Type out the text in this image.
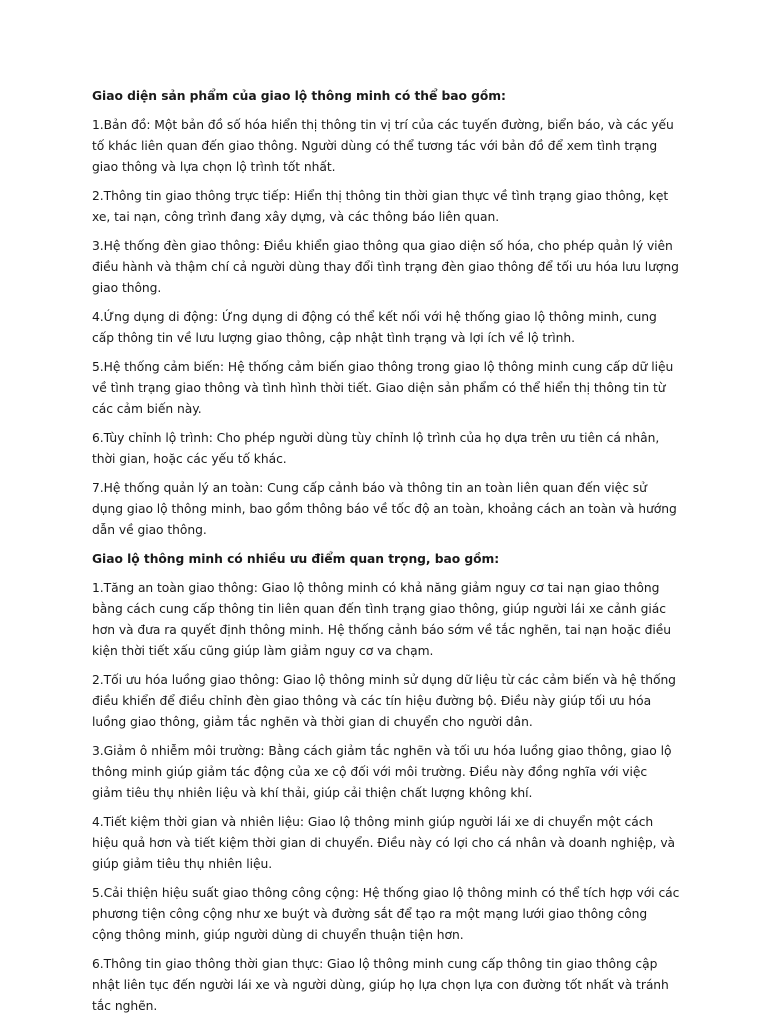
Giao diện sản phẩm của giao lộ thông minh có thể bao gồm:

1.Bản đồ: Một bản đồ số hóa hiển thị thông tin vị trí của các tuyến đường, biển báo, và các yếu tố khác liên quan đến giao thông. Người dùng có thể tương tác với bản đồ để xem tình trạng giao thông và lựa chọn lộ trình tốt nhất.

2.Thông tin giao thông trực tiếp: Hiển thị thông tin thời gian thực về tình trạng giao thông, kẹt xe, tai nạn, công trình đang xây dựng, và các thông báo liên quan.

3.Hệ thống đèn giao thông: Điều khiển giao thông qua giao diện số hóa, cho phép quản lý viên điều hành và thậm chí cả người dùng thay đổi tình trạng đèn giao thông để tối ưu hóa lưu lượng giao thông.

4.Ứng dụng di động: Ứng dụng di động có thể kết nối với hệ thống giao lộ thông minh, cung cấp thông tin về lưu lượng giao thông, cập nhật tình trạng và lợi ích về lộ trình.

5.Hệ thống cảm biến: Hệ thống cảm biến giao thông trong giao lộ thông minh cung cấp dữ liệu về tình trạng giao thông và tình hình thời tiết. Giao diện sản phẩm có thể hiển thị thông tin từ các cảm biến này.

6.Tùy chỉnh lộ trình: Cho phép người dùng tùy chỉnh lộ trình của họ dựa trên ưu tiên cá nhân, thời gian, hoặc các yếu tố khác.

7.Hệ thống quản lý an toàn: Cung cấp cảnh báo và thông tin an toàn liên quan đến việc sử dụng giao lộ thông minh, bao gồm thông báo về tốc độ an toàn, khoảng cách an toàn và hướng dẫn về giao thông.

Giao lộ thông minh có nhiều ưu điểm quan trọng, bao gồm:

1.Tăng an toàn giao thông: Giao lộ thông minh có khả năng giảm nguy cơ tai nạn giao thông bằng cách cung cấp thông tin liên quan đến tình trạng giao thông, giúp người lái xe cảnh giác hơn và đưa ra quyết định thông minh. Hệ thống cảnh báo sớm về tắc nghẽn, tai nạn hoặc điều kiện thời tiết xấu cũng giúp làm giảm nguy cơ va chạm.

2.Tối ưu hóa luồng giao thông: Giao lộ thông minh sử dụng dữ liệu từ các cảm biến và hệ thống điều khiển để điều chỉnh đèn giao thông và các tín hiệu đường bộ. Điều này giúp tối ưu hóa luồng giao thông, giảm tắc nghẽn và thời gian di chuyển cho người dân.

3.Giảm ô nhiễm môi trường: Bằng cách giảm tắc nghẽn và tối ưu hóa luồng giao thông, giao lộ thông minh giúp giảm tác động của xe cộ đối với môi trường. Điều này đồng nghĩa với việc giảm tiêu thụ nhiên liệu và khí thải, giúp cải thiện chất lượng không khí.

4.Tiết kiệm thời gian và nhiên liệu: Giao lộ thông minh giúp người lái xe di chuyển một cách hiệu quả hơn và tiết kiệm thời gian di chuyển. Điều này có lợi cho cá nhân và doanh nghiệp, và giúp giảm tiêu thụ nhiên liệu.

5.Cải thiện hiệu suất giao thông công cộng: Hệ thống giao lộ thông minh có thể tích hợp với các phương tiện công cộng như xe buýt và đường sắt để tạo ra một mạng lưới giao thông công cộng thông minh, giúp người dùng di chuyển thuận tiện hơn.

6.Thông tin giao thông thời gian thực: Giao lộ thông minh cung cấp thông tin giao thông cập nhật liên tục đến người lái xe và người dùng, giúp họ lựa chọn lựa con đường tốt nhất và tránh tắc nghẽn.
